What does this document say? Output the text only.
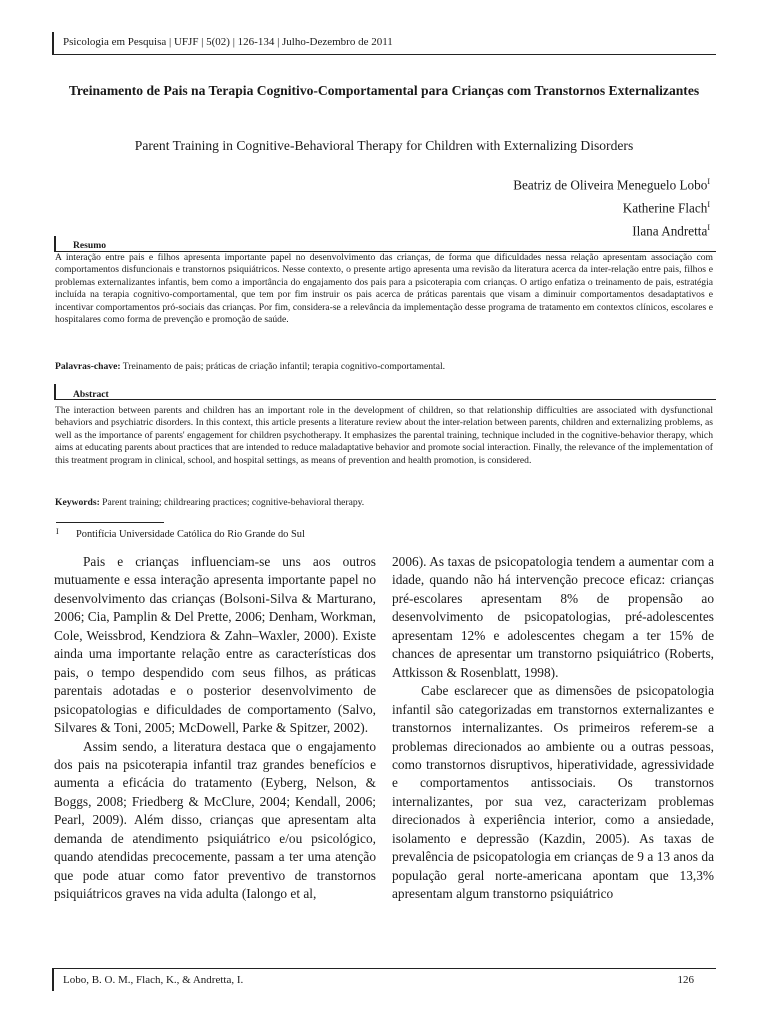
Psicologia em Pesquisa | UFJF | 5(02) | 126-134 | Julho-Dezembro de 2011
Treinamento de Pais na Terapia Cognitivo-Comportamental para Crianças com Transtornos Externalizantes
Parent Training in Cognitive-Behavioral Therapy for Children with Externalizing Disorders
Beatriz de Oliveira Meneguelo Lobo$^I$
Katherine Flach$^I$
Ilana Andretta$^I$
Resumo
A interação entre pais e filhos apresenta importante papel no desenvolvimento das crianças, de forma que dificuldades nessa relação apresentam associação com comportamentos disfuncionais e transtornos psiquiátricos. Nesse contexto, o presente artigo apresenta uma revisão da literatura acerca da inter-relação entre pais, filhos e problemas externalizantes infantis, bem como a importância do engajamento dos pais para a psicoterapia com crianças. O artigo enfatiza o treinamento de pais, estratégia incluída na terapia cognitivo-comportamental, que tem por fim instruir os pais acerca de práticas parentais que visam a diminuir comportamentos desadaptativos e incentivar comportamentos pró-sociais das crianças. Por fim, considera-se a relevância da implementação desse programa de tratamento em contextos clínicos, escolares e hospitalares como forma de prevenção e promoção de saúde.
Palavras-chave: Treinamento de pais; práticas de criação infantil; terapia cognitivo-comportamental.
Abstract
The interaction between parents and children has an important role in the development of children, so that relationship difficulties are associated with dysfunctional behaviors and psychiatric disorders. In this context, this article presents a literature review about the inter-relation between parents, children and externalizing problems, as well as the importance of parents' engagement for children psychotherapy. It emphasizes the parental training, technique included in the cognitive-behavior therapy, which aims at educating parents about practices that are intended to reduce maladaptative behavior and promote social interaction. Finally, the relevance of the implementation of this treatment program in clinical, school, and hospital settings, as means of prevention and health promotion, is considered.
Keywords: Parent training; childrearing practices; cognitive-behavioral therapy.
I Pontifícia Universidade Católica do Rio Grande do Sul

Pais e crianças influenciam-se uns aos outros mutuamente e essa interação apresenta importante papel no desenvolvimento das crianças (Bolsoni-Silva & Marturano, 2006; Cia, Pamplin & Del Prette, 2006; Denham, Workman, Cole, Weissbrod, Kendziora & Zahn–Waxler, 2000). Existe ainda uma importante relação entre as características dos pais, o tempo despendido com seus filhos, as práticas parentais adotadas e o posterior desenvolvimento de psicopatologias e dificuldades de comportamento (Salvo, Silvares & Toni, 2005; McDowell, Parke & Spitzer, 2002).

Assim sendo, a literatura destaca que o engajamento dos pais na psicoterapia infantil traz grandes benefícios e aumenta a eficácia do tratamento (Eyberg, Nelson, & Boggs, 2008; Friedberg & McClure, 2004; Kendall, 2006; Pearl, 2009). Além disso, crianças que apresentam alta demanda de atendimento psiquiátrico e/ou psicológico, quando atendidas precocemente, passam a ter uma atenção que pode atuar como fator preventivo de transtornos psiquiátricos graves na vida adulta (Ialongo et al,

2006). As taxas de psicopatologia tendem a aumentar com a idade, quando não há intervenção precoce eficaz: crianças pré-escolares apresentam 8% de propensão ao desenvolvimento de psicopatologias, pré-adolescentes apresentam 12% e adolescentes chegam a ter 15% de chances de apresentar um transtorno psiquiátrico (Roberts, Attkisson & Rosenblatt, 1998).

Cabe esclarecer que as dimensões de psicopatologia infantil são categorizadas em transtornos externalizantes e transtornos internalizantes. Os primeiros referem-se a problemas direcionados ao ambiente ou a outras pessoas, como transtornos disruptivos, hiperatividade, agressividade e comportamentos antissociais. Os transtornos internalizantes, por sua vez, caracterizam problemas direcionados à experiência interior, como a ansiedade, isolamento e depressão (Kazdin, 2005). As taxas de prevalência de psicopatologia em crianças de 9 a 13 anos da população geral norte-americana apontam que 13,3% apresentam algum transtorno psiquiátrico

Lobo, B. O. M., Flach, K., & Andretta, I.	126
